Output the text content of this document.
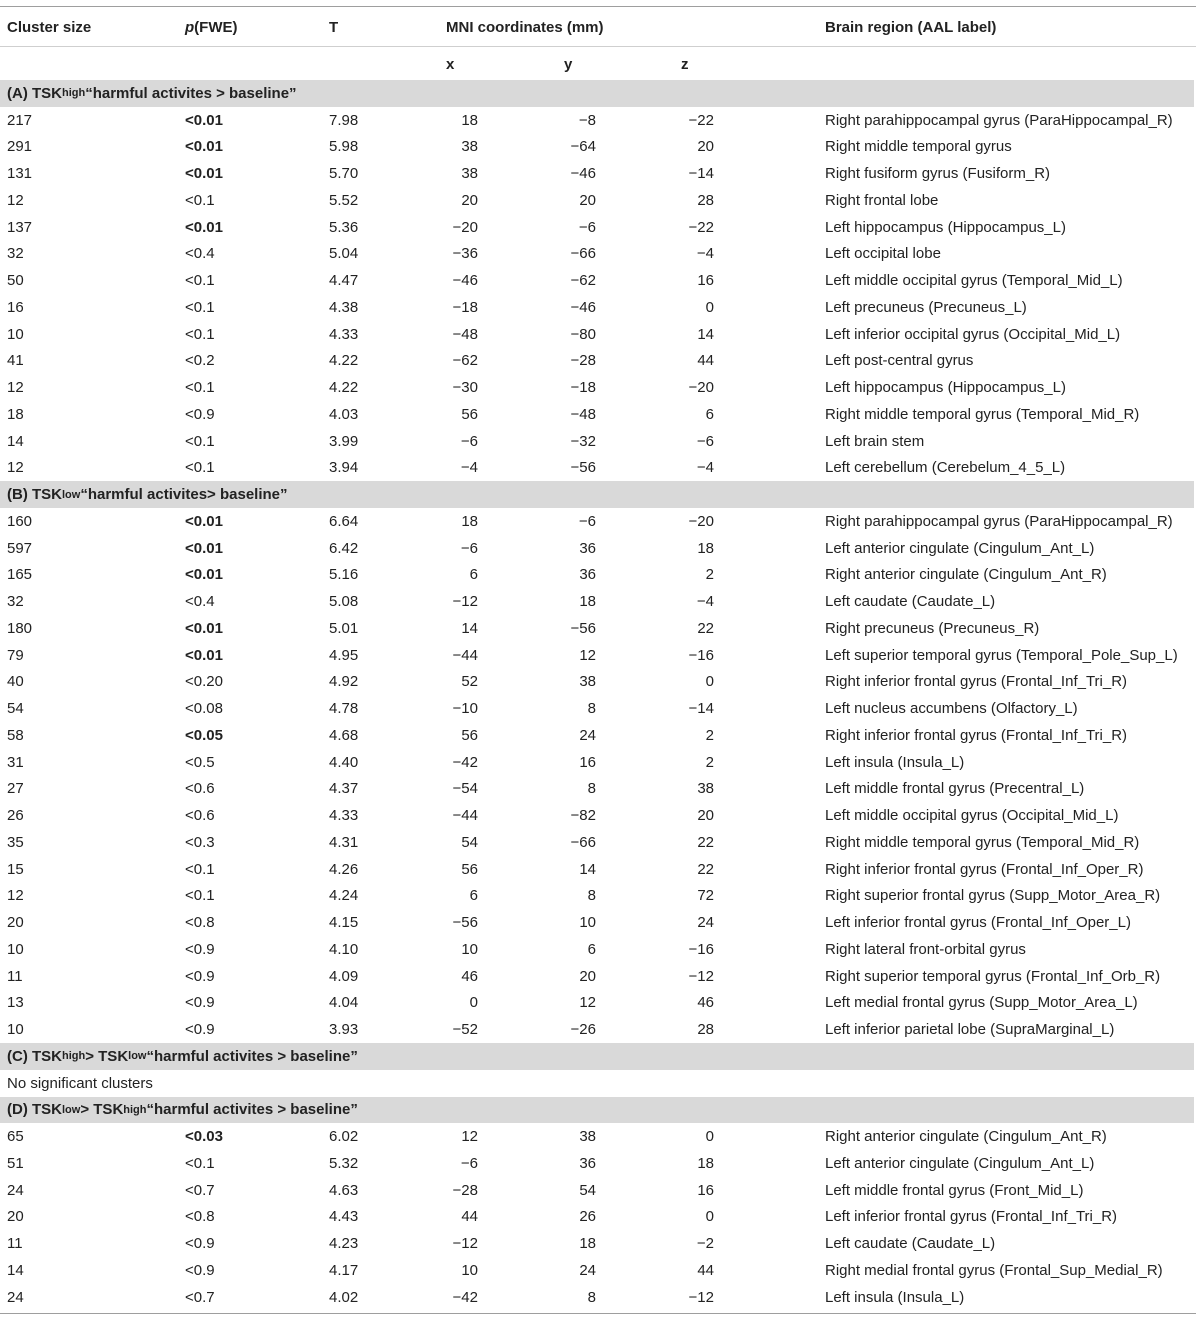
Cluster size	p (FWE)	T	MNI coordinates (mm)	Brain region (AAL label)
x	y	z
(A) TSK high “harmful activites > baseline”
217	<0.01	7.98	18	−8	−22	Right parahippocampal gyrus (ParaHippocampal_R)
291	<0.01	5.98	38	−64	20	Right middle temporal gyrus
131	<0.01	5.70	38	−46	−14	Right fusiform gyrus (Fusiform_R)
12	<0.1	5.52	20	20	28	Right frontal lobe
137	<0.01	5.36	−20	−6	−22	Left hippocampus (Hippocampus_L)
32	<0.4	5.04	−36	−66	−4	Left occipital lobe
50	<0.1	4.47	−46	−62	16	Left middle occipital gyrus (Temporal_Mid_L)
16	<0.1	4.38	−18	−46	0	Left precuneus (Precuneus_L)
10	<0.1	4.33	−48	−80	14	Left inferior occipital gyrus (Occipital_Mid_L)
41	<0.2	4.22	−62	−28	44	Left post-central gyrus
12	<0.1	4.22	−30	−18	−20	Left hippocampus (Hippocampus_L)
18	<0.9	4.03	56	−48	6	Right middle temporal gyrus (Temporal_Mid_R)
14	<0.1	3.99	−6	−32	−6	Left brain stem
12	<0.1	3.94	−4	−56	−4	Left cerebellum (Cerebelum_4_5_L)
(B) TSK low “harmful activites> baseline”
160	<0.01	6.64	18	−6	−20	Right parahippocampal gyrus (ParaHippocampal_R)
597	<0.01	6.42	−6	36	18	Left anterior cingulate (Cingulum_Ant_L)
165	<0.01	5.16	6	36	2	Right anterior cingulate (Cingulum_Ant_R)
32	<0.4	5.08	−12	18	−4	Left caudate (Caudate_L)
180	<0.01	5.01	14	−56	22	Right precuneus (Precuneus_R)
79	<0.01	4.95	−44	12	−16	Left superior temporal gyrus (Temporal_Pole_Sup_L)
40	<0.20	4.92	52	38	0	Right inferior frontal gyrus (Frontal_Inf_Tri_R)
54	<0.08	4.78	−10	8	−14	Left nucleus accumbens (Olfactory_L)
58	<0.05	4.68	56	24	2	Right inferior frontal gyrus (Frontal_Inf_Tri_R)
31	<0.5	4.40	−42	16	2	Left insula (Insula_L)
27	<0.6	4.37	−54	8	38	Left middle frontal gyrus (Precentral_L)
26	<0.6	4.33	−44	−82	20	Left middle occipital gyrus (Occipital_Mid_L)
35	<0.3	4.31	54	−66	22	Right middle temporal gyrus (Temporal_Mid_R)
15	<0.1	4.26	56	14	22	Right inferior frontal gyrus (Frontal_Inf_Oper_R)
12	<0.1	4.24	6	8	72	Right superior frontal gyrus (Supp_Motor_Area_R)
20	<0.8	4.15	−56	10	24	Left inferior frontal gyrus (Frontal_Inf_Oper_L)
10	<0.9	4.10	10	6	−16	Right lateral front-orbital gyrus
11	<0.9	4.09	46	20	−12	Right superior temporal gyrus (Frontal_Inf_Orb_R)
13	<0.9	4.04	0	12	46	Left medial frontal gyrus (Supp_Motor_Area_L)
10	<0.9	3.93	−52	−26	28	Left inferior parietal lobe (SupraMarginal_L)
(C) TSK high > TSK low “harmful activites > baseline”
No significant clusters
(D) TSK low > TSK high “harmful activites > baseline”
65	<0.03	6.02	12	38	0	Right anterior cingulate (Cingulum_Ant_R)
51	<0.1	5.32	−6	36	18	Left anterior cingulate (Cingulum_Ant_L)
24	<0.7	4.63	−28	54	16	Left middle frontal gyrus (Front_Mid_L)
20	<0.8	4.43	44	26	0	Left inferior frontal gyrus (Frontal_Inf_Tri_R)
11	<0.9	4.23	−12	18	−2	Left caudate (Caudate_L)
14	<0.9	4.17	10	24	44	Right medial frontal gyrus (Frontal_Sup_Medial_R)
24	<0.7	4.02	−42	8	−12	Left insula (Insula_L)
